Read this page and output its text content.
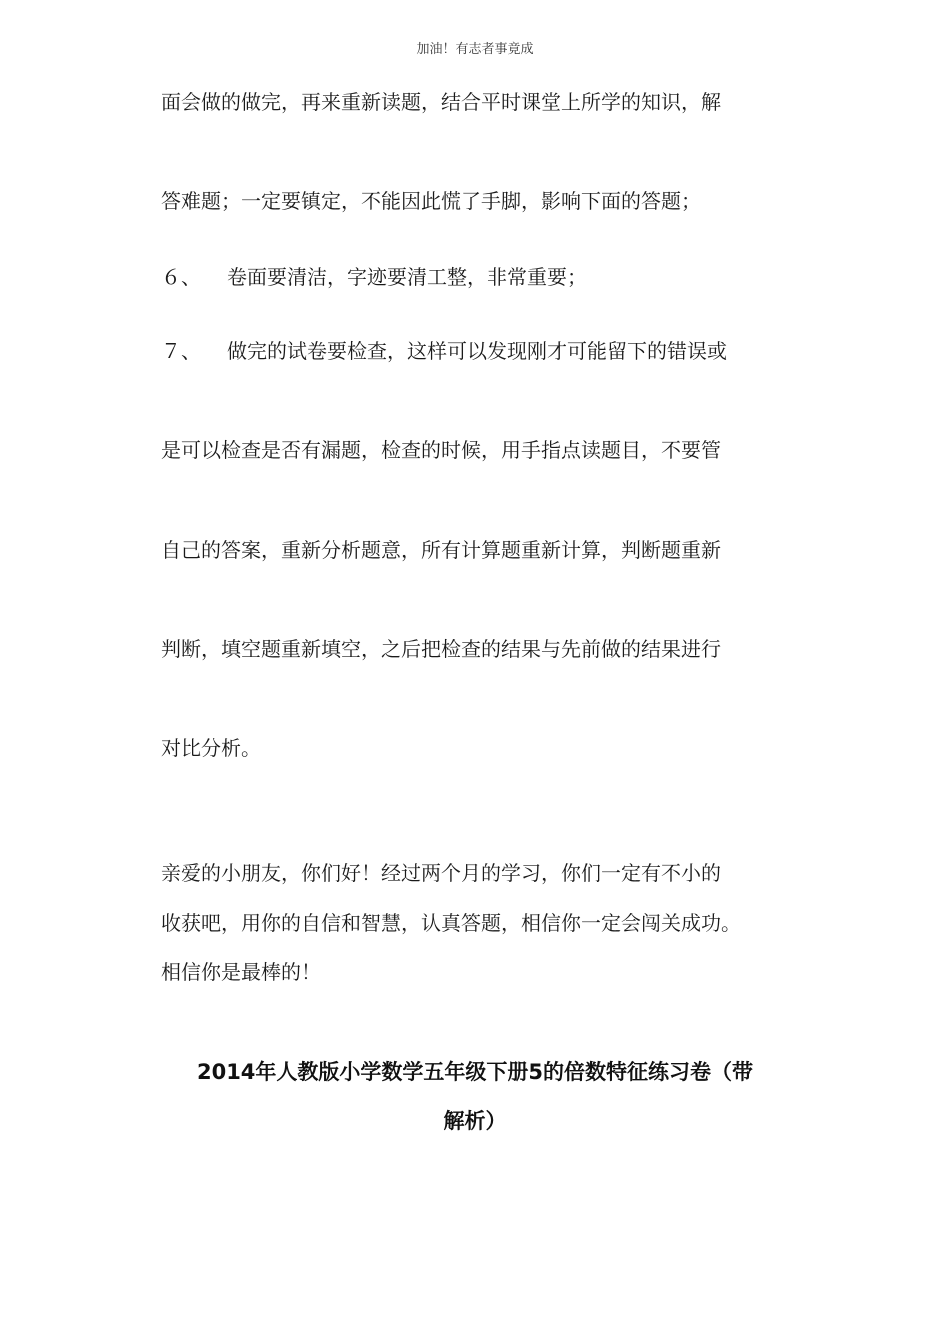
加油！有志者事竟成
面会做的做完，再来重新读题，结合平时课堂上所学的知识，解
答难题；一定要镇定，不能因此慌了手脚，影响下面的答题；
６、 卷面要清洁，字迹要清工整，非常重要；
７、 做完的试卷要检查，这样可以发现刚才可能留下的错误或
是可以检查是否有漏题，检查的时候，用手指点读题目，不要管
自己的答案，重新分析题意，所有计算题重新计算，判断题重新
判断，填空题重新填空，之后把检查的结果与先前做的结果进行
对比分析。
亲爱的小朋友，你们好！经过两个月的学习，你们一定有不小的
收获吧，用你的自信和智慧，认真答题，相信你一定会闯关成功。
相信你是最棒的！
2014年人教版小学数学五年级下册5的倍数特征练习卷（带
解析）
